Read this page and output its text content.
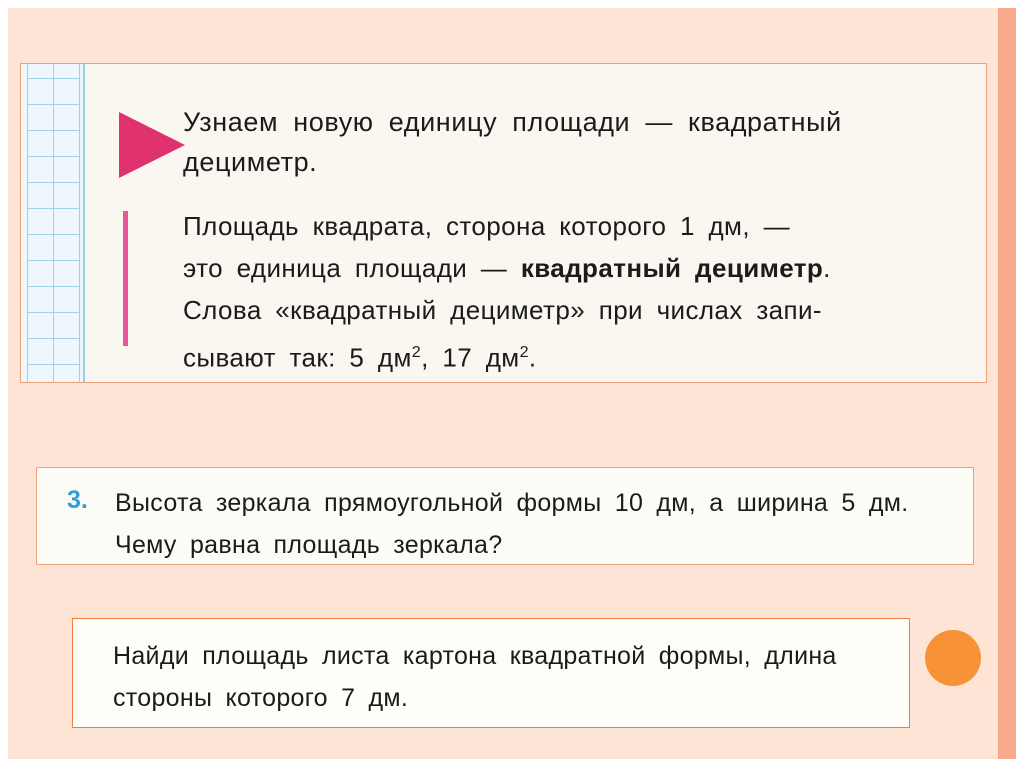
Узнаем новую единицу площади — квадратный дециметр.
Площадь квадрата, сторона которого 1 дм, —
это единица площади — квадратный дециметр.
Слова «квадратный дециметр» при числах запи-
сывают так: 5 $дм^2$, 17 $дм^2$.
3. Высота зеркала прямоугольной формы 10 дм, а ширина 5 дм. Чему равна площадь зеркала?
Найди площадь листа картона квадратной формы, длина стороны которого 7 дм.
